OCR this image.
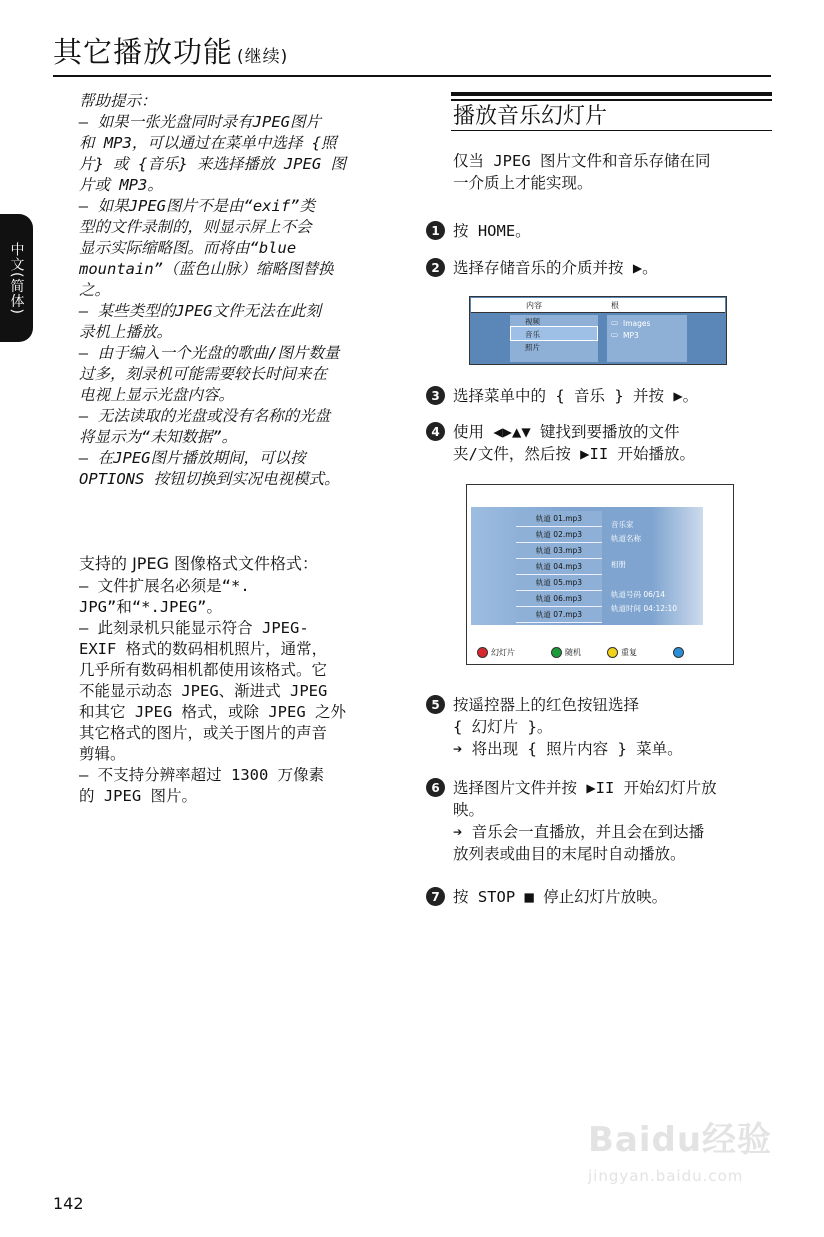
其它播放功能 (继续)
中文(简体)

帮助提示：

– 如果一张光盘同时录有JPEG图片

和 MP3，可以通过在菜单中选择 {照

片} 或 {音乐} 来选择播放 JPEG 图

片或 MP3。

– 如果JPEG图片不是由“exif”类

型的文件录制的，则显示屏上不会

显示实际缩略图。而将由“blue

mountain”（蓝色山脉）缩略图替换

之。

– 某些类型的JPEG文件无法在此刻

录机上播放。

– 由于编入一个光盘的歌曲/图片数量

过多，刻录机可能需要较长时间来在

电视上显示光盘内容。

– 无法读取的光盘或没有名称的光盘

将显示为“未知数据”。

– 在JPEG图片播放期间，可以按

OPTIONS 按钮切换到实况电视模式。

支持的 JPEG 图像格式文件格式：

– 文件扩展名必须是“*.

JPG”和“*.JPEG”。

– 此刻录机只能显示符合 JPEG-

EXIF 格式的数码相机照片，通常，

几乎所有数码相机都使用该格式。它

不能显示动态 JPEG、渐进式 JPEG

和其它 JPEG 格式，或除 JPEG 之外

其它格式的图片，或关于图片的声音

剪辑。

– 不支持分辨率超过 1300 万像素

的 JPEG 图片。

播放音乐幻灯片
仅当 JPEG 图片文件和音乐存储在同
一介质上才能实现。
1 按 HOME。
2 选择存储音乐的介质并按 ▶。
内容	根
视频
音乐
照片
▭ Images
▭ MP3
3 选择菜单中的 { 音乐 } 并按 ▶。
4 使用 ◀▶▲▼ 键找到要播放的文件
夹/文件，然后按 ▶II 开始播放。
轨道 01.mp3
轨道 02.mp3
轨道 03.mp3
轨道 04.mp3
轨道 05.mp3
轨道 06.mp3
轨道 07.mp3
音乐家
轨道名称
相册
轨道号码 06/14
轨道时间 04:12:10
幻灯片	随机	重复
5 按遥控器上的红色按钮选择
{ 幻灯片 }。
➔ 将出现 { 照片内容 } 菜单。
6 选择图片文件并按 ▶II 开始幻灯片放
映。
➔ 音乐会一直播放，并且会在到达播
放列表或曲目的末尾时自动播放。
7 按 STOP ■ 停止幻灯片放映。
Baidu经验
jingyan.baidu.com
142
